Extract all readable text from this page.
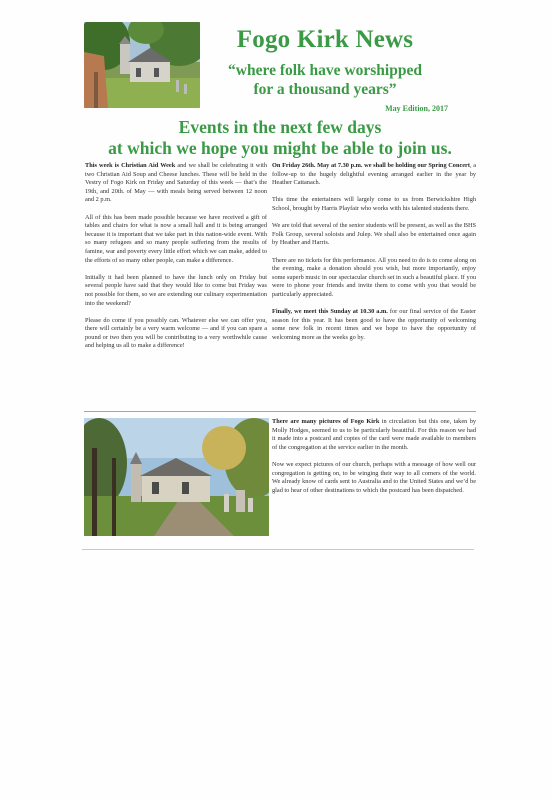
Fogo Kirk News
“where folk have worshipped
for a thousand years”
May Edition, 2017
Events in the next few days
at which we hope you might be able to join us.

This week is Christian Aid Week and we shall be celebrating it with two Christian Aid Soup and Cheese lunches. These will be held in the Vestry of Fogo Kirk on Friday and Saturday of this week — that’s the 19th, and 20th. of May — with meals being served between 12 noon and 2 p.m.

All of this has been made possible because we have received a gift of tables and chairs for what is now a small hall and it is being arranged because it is important that we take part in this nation-wide event. With so many refugees and so many people suffering from the results of famine, war and poverty every little effort which we can make, added to the efforts of so many other people, can make a difference.

Initially it had been planned to have the lunch only on Friday but several people have said that they would like to come but Friday was not possible for them, so we are extending our culinary experimentation into the weekend?

Please do come if you possibly can. Whatever else we can offer you, there will certainly be a very warm welcome — and if you can spare a pound or two then you will be contributing to a very worthwhile cause and helping us all to make a difference!

On Friday 26th. May at 7.30 p.m. we shall be holding our Spring Concert, a follow-up to the hugely delightful evening arranged earlier in the year by Heather Cattanach.

This time the entertainers will largely come to us from Berwickshire High School, brought by Harris Playfair who works with his talented students there.

We are told that several of the senior students will be present, as well as the BHS Folk Group, several soloists and Julep. We shall also be entertained once again by Heather and Harris.

There are no tickets for this performance. All you need to do is to come along on the evening, make a donation should you wish, but more importantly, enjoy some superb music in our spectacular church set in such a beautiful place. If you were to phone your friends and invite them to come with you that would be particularly appreciated.

Finally, we meet this Sunday at 10.30 a.m. for our final service of the Easter season for this year. It has been good to have the opportunity of welcoming some new folk in recent times and we hope to have the opportunity of welcoming more as the weeks go by.

There are many pictures of Fogo Kirk in circulation but this one, taken by Molly Hodges, seemed to us to be particularly beautiful. For this reason we had it made into a postcard and copies of the card were made available to members of the congregation at the service earlier in the month.

Now we expect pictures of our church, perhaps with a message of how well our congregation is getting on, to be winging their way to all corners of the world. We already know of cards sent to Australia and to the United States and we’d be glad to hear of other destinations to which the postcard has been dispatched.
